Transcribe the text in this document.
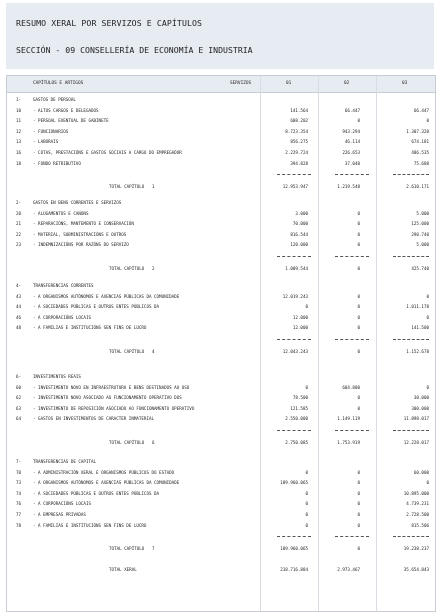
RESUMO XERAL POR SERVIZOS E CAPÍTULOS
SECCIÓN - 09 CONSELLERÍA DE ECONOMÍA E INDUSTRIA
CAPÍTULOS E ARTIGOS	SERVIZOS	01	02	03
1-	GASTOS DE PERSOAL
10	- ALTOS CARGOS E DELEGADOS	141.564	66.447	66.447
11	- PERSOAL EVENTUAL DE GABINETE	608.202	0	0
12	- FUNCIONARIOS	8.723.354	943.294	1.307.320
13	- LABORAIS	856.275	46.114	674.181
16	- COTAS, PRESTACIÓNS E GASTOS SOCIAIS A CARGO DO EMPREGADOR	2.229.724	226.653	486.535
18	- FONDO RETRIBUTIVO	394.828	37.040	75.688
TOTAL CAPÍTULO 1	12.953.947	1.219.548	2.610.171
2-	GASTOS EN BENS CORRENTES E SERVIZOS
20	- ALUGAMENTOS E CANONS	3.000	0	5.000
21	- REPARACIÓNS, MANTEMENTO E CONSERVACIÓN	70.000	0	125.000
22	- MATERIAL, SUBMINISTRACIÓNS E OUTROS	816.544	0	290.740
23	- INDEMNIZACIÓNS POR RAZÓNS DO SERVIZO	120.000	0	5.000
TOTAL CAPÍTULO 2	1.009.544	0	425.740
4-	TRANSFERENCIAS CORRENTES
43	- A ORGANISMOS AUTÓNOMOS E AXENCIAS PÚBLICAS DA COMUNIDADE	12.019.243	0	0
44	- A SOCIEDADES PÚBLICAS E OUTROS ENTES PÚBLICOS DA	0	0	1.011.178
46	- A CORPORACIÓNS LOCAIS	12.000	0	0
48	- A FAMILIAS E INSTITUCIÓNS SEN FINS DE LUCRO	12.000	0	141.500
TOTAL CAPÍTULO 4	12.043.243	0	1.152.678
6-	INVESTIMENTOS REAIS
60	- INVESTIMENTO NOVO EN INFRAESTRUTURA E BENS DESTINADOS AO USO	0	604.800	0
62	- INVESTIMENTO NOVO ASOCIADO AO FUNCIONAMENTO OPERATIVO DOS	78.500	0	30.000
63	- INVESTIMENTO DE REPOSICIÓN ASOCIADO AO FUNCIONAMENTO OPERATIVO	121.585	0	300.000
64	- GASTOS EN INVESTIMENTOS DE CARACTER INMATERIAL	2.550.000	1.149.119	11.898.017
TOTAL CAPÍTULO 6	2.750.085	1.753.919	12.228.017
7-	TRANSFERENCIAS DE CAPITAL
70	- A ADMINISTRACIÓN XERAL E ORGANISMOS PÚBLICOS DO ESTADO	0	0	60.000
73	- A ORGANISMOS AUTÓNOMOS E AXENCIAS PÚBLICAS DA COMUNIDADE	189.960.065	0	0
74	- A SOCIEDADES PÚBLICAS E OUTROS ENTES PÚBLICOS DA	0	0	10.895.000
76	- A CORPORACIÓNS LOCAIS	0	0	4.739.231
77	- A EMPRESAS PRIVADAS	0	0	2.728.500
78	- A FAMILIAS E INSTITUCIÓNS SEN FINS DE LUCRO	0	0	815.506
TOTAL CAPÍTULO 7	189.960.065	0	19.238.237
TOTAL XERAL	218.716.884	2.973.467	35.654.843
